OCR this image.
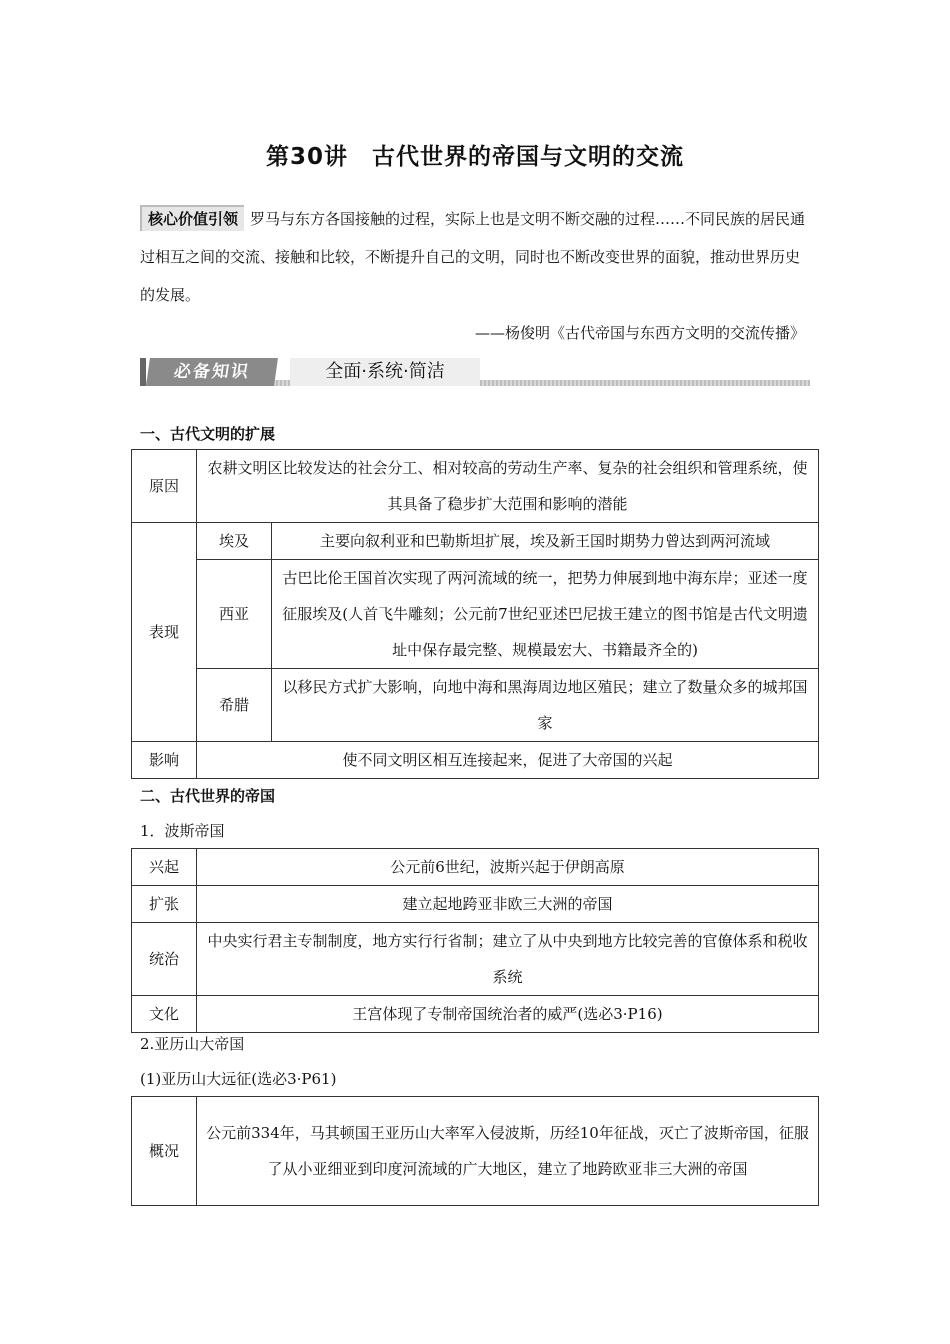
第30讲　古代世界的帝国与文明的交流
核心价值引领 罗马与东方各国接触的过程，实际上也是文明不断交融的过程……不同民族的居民通过相互之间的交流、接触和比较，不断提升自己的文明，同时也不断改变世界的面貌，推动世界历史的发展。
——杨俊明《古代帝国与东西方文明的交流传播》
必备知识	全面·系统·简洁
一、古代文明的扩展
原因	农耕文明区比较发达的社会分工、相对较高的劳动生产率、复杂的社会组织和管理系统，使其具备了稳步扩大范围和影响的潜能	
表现	埃及	主要向叙利亚和巴勒斯坦扩展，埃及新王国时期势力曾达到两河流域
	西亚	古巴比伦王国首次实现了两河流域的统一，把势力伸展到地中海东岸；亚述一度征服埃及(人首飞牛雕刻；公元前7世纪亚述巴尼拔王建立的图书馆是古代文明遗址中保存最完整、规模最宏大、书籍最齐全的)
	希腊	以移民方式扩大影响，向地中海和黑海周边地区殖民；建立了数量众多的城邦国家
影响	使不同文明区相互连接起来，促进了大帝国的兴起	
二、古代世界的帝国
1．波斯帝国
兴起	公元前6世纪，波斯兴起于伊朗高原
扩张	建立起地跨亚非欧三大洲的帝国
统治	中央实行君主专制制度，地方实行行省制；建立了从中央到地方比较完善的官僚体系和税收系统
文化	王宫体现了专制帝国统治者的威严(选必3·P16)
2.亚历山大帝国
(1)亚历山大远征(选必3·P61)
概况	公元前334年，马其顿国王亚历山大率军入侵波斯，历经10年征战，灭亡了波斯帝国，征服了从小亚细亚到印度河流域的广大地区，建立了地跨欧亚非三大洲的帝国
